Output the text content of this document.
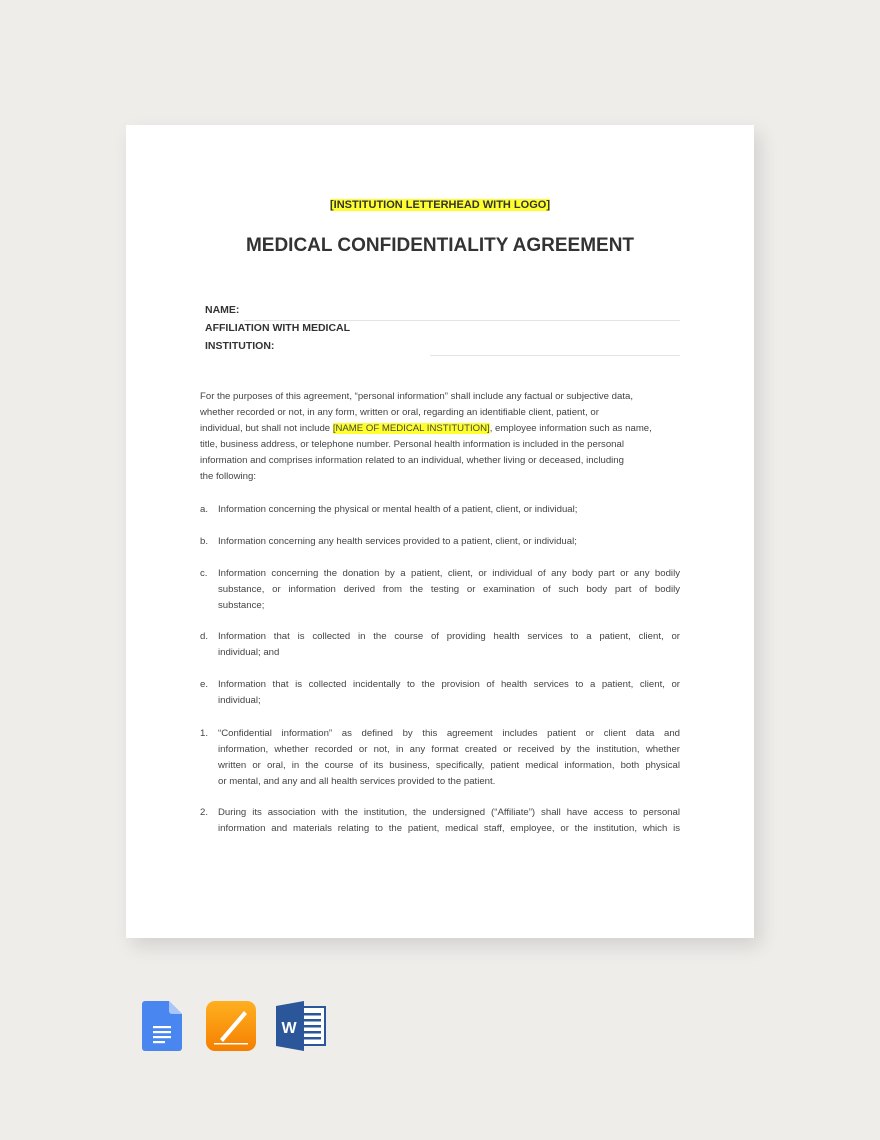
[INSTITUTION LETTERHEAD WITH LOGO]
MEDICAL CONFIDENTIALITY AGREEMENT
NAME:
AFFILIATION WITH MEDICAL
INSTITUTION:
For the purposes of this agreement, “personal information” shall include any factual or subjective data,
whether recorded or not, in any form, written or oral, regarding an identifiable client, patient, or
individual, but shall not include [NAME OF MEDICAL INSTITUTION], employee information such as name,
title, business address, or telephone number. Personal health information is included in the personal
information and comprises information related to an individual, whether living or deceased, including
the following:
a. Information concerning the physical or mental health of a patient, client, or individual;
b. Information concerning any health services provided to a patient, client, or individual;
c. Information concerning the donation by a patient, client, or individual of any body part or any bodily
substance, or information derived from the testing or examination of such body part of bodily
substance;
d. Information that is collected in the course of providing health services to a patient, client, or
individual; and
e. Information that is collected incidentally to the provision of health services to a patient, client, or
individual;
1. “Confidential information” as defined by this agreement includes patient or client data and
information, whether recorded or not, in any format created or received by the institution, whether
written or oral, in the course of its business, specifically, patient medical information, both physical
or mental, and any and all health services provided to the patient.
2. During its association with the institution, the undersigned (“Affiliate”) shall have access to personal
information and materials relating to the patient, medical staff, employee, or the institution, which is
W
